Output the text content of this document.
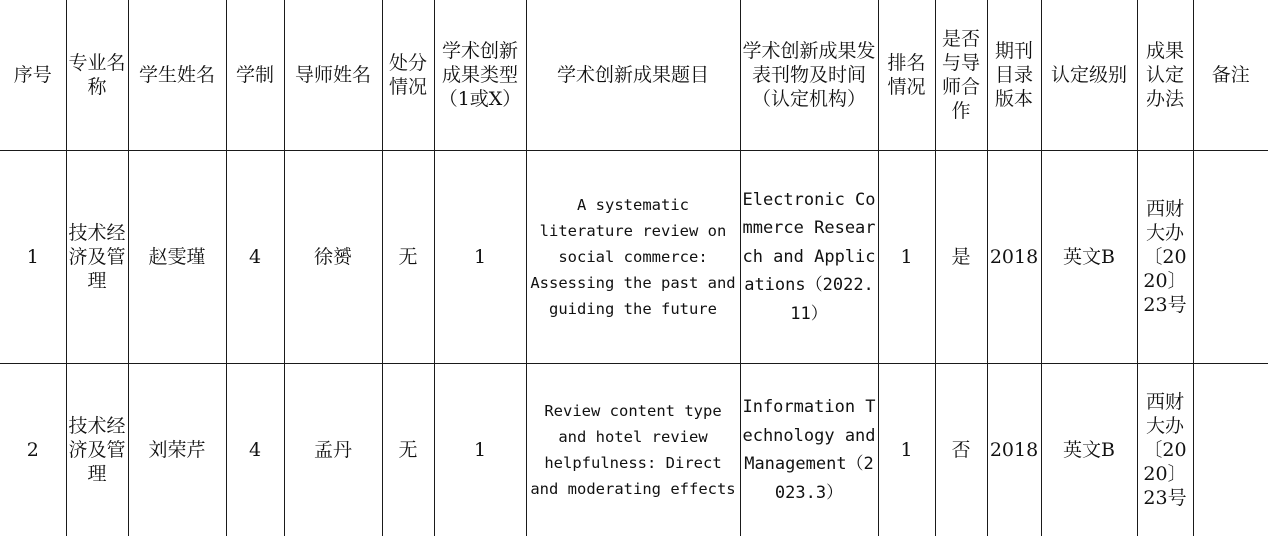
序号	专业名称	学生姓名	学制	导师姓名	处分情况	学术创新成果类型（1或X）	学术创新成果题目	学术创新成果发表刊物及时间（认定机构）	排名情况	是否与导师合作	期刊目录版本	认定级别	成果认定办法	备注
1	技术经济及管理	赵雯瑾	4	徐赟	无	1	A systematic literature review on social commerce: Assessing the past and guiding the future	Electronic Commerce Research and Applications（2022.11）	1	是	2018	英文B	西财大办〔2020〕23号	
2	技术经济及管理	刘荣芹	4	孟丹	无	1	Review content type and hotel review helpfulness: Direct and moderating effects	Information Technology and Management（2023.3）	1	否	2018	英文B	西财大办〔2020〕23号	
